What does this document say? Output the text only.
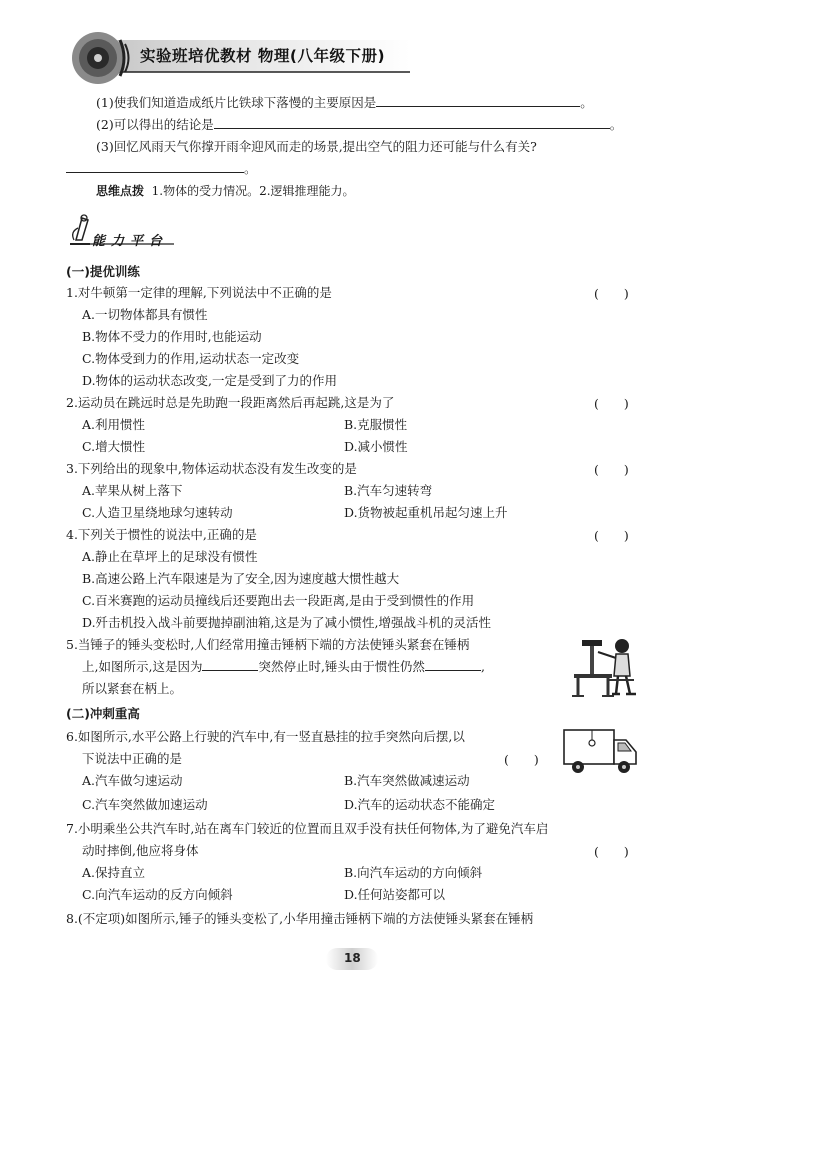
实验班培优教材 物理(八年级下册)
(1)使我们知道造成纸片比铁球下落慢的主要原因是	。
(2)可以得出的结论是	。
(3)回忆风雨天气你撑开雨伞迎风而走的场景,提出空气的阻力还可能与什么有关?
。
思维点拨 1.物体的受力情况。2.逻辑推理能力。
能力平台
(一)提优训练
1.对牛顿第一定律的理解,下列说法中不正确的是	(　　)
A.一切物体都具有惯性
B.物体不受力的作用时,也能运动
C.物体受到力的作用,运动状态一定改变
D.物体的运动状态改变,一定是受到了力的作用
2.运动员在跳远时总是先助跑一段距离然后再起跳,这是为了	(　　)
A.利用惯性	B.克服惯性
C.增大惯性	D.减小惯性
3.下列给出的现象中,物体运动状态没有发生改变的是	(　　)
A.苹果从树上落下	B.汽车匀速转弯
C.人造卫星绕地球匀速转动	D.货物被起重机吊起匀速上升
4.下列关于惯性的说法中,正确的是	(　　)
A.静止在草坪上的足球没有惯性
B.高速公路上汽车限速是为了安全,因为速度越大惯性越大
C.百米赛跑的运动员撞线后还要跑出去一段距离,是由于受到惯性的作用
D.歼击机投入战斗前要抛掉副油箱,这是为了减小惯性,增强战斗机的灵活性
5.当锤子的锤头变松时,人们经常用撞击锤柄下端的方法使锤头紧套在锤柄
上,如图所示,这是因为	突然停止时,锤头由于惯性仍然	,
所以紧套在柄上。
(二)冲刺重高
6.如图所示,水平公路上行驶的汽车中,有一竖直悬挂的拉手突然向后摆,以
下说法中正确的是	(　　)
A.汽车做匀速运动	B.汽车突然做减速运动
C.汽车突然做加速运动	D.汽车的运动状态不能确定
7.小明乘坐公共汽车时,站在离车门较近的位置而且双手没有扶任何物体,为了避免汽车启
动时摔倒,他应将身体	(　　)
A.保持直立	B.向汽车运动的方向倾斜
C.向汽车运动的反方向倾斜	D.任何站姿都可以
8.(不定项)如图所示,锤子的锤头变松了,小华用撞击锤柄下端的方法使锤头紧套在锤柄
18
